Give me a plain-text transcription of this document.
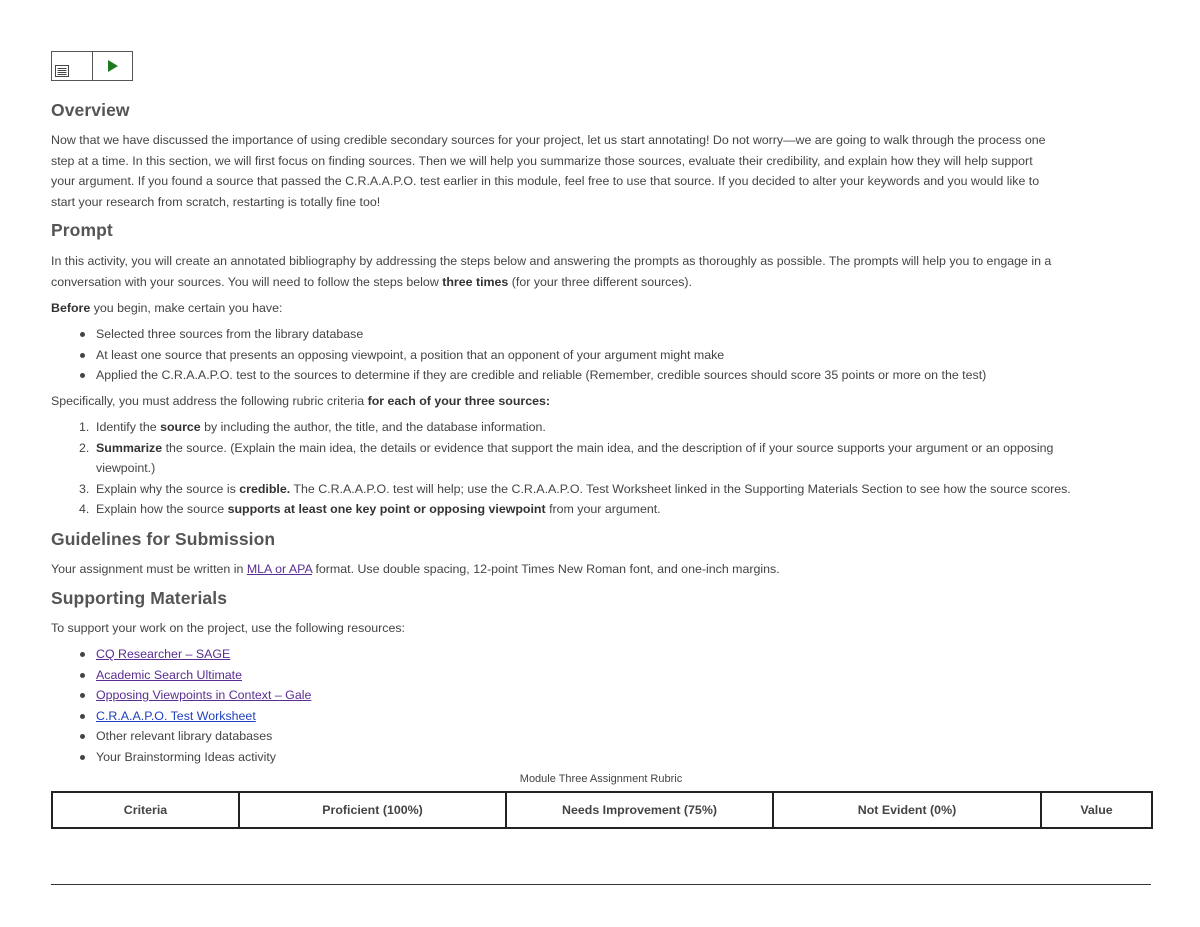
Overview

Now that we have discussed the importance of using credible secondary sources for your project, let us start annotating! Do not worry—we are going to walk through the process one

step at a time. In this section, we will first focus on finding sources. Then we will help you summarize those sources, evaluate their credibility, and explain how they will help support

your argument. If you found a source that passed the C.R.A.A.P.O. test earlier in this module, feel free to use that source. If you decided to alter your keywords and you would like to

start your research from scratch, restarting is totally fine too!

Prompt

In this activity, you will create an annotated bibliography by addressing the steps below and answering the prompts as thoroughly as possible. The prompts will help you to engage in a

conversation with your sources. You will need to follow the steps below three times (for your three different sources).

Before you begin, make certain you have:

Selected three sources from the library database
At least one source that presents an opposing viewpoint, a position that an opponent of your argument might make
Applied the C.R.A.A.P.O. test to the sources to determine if they are credible and reliable (Remember, credible sources should score 35 points or more on the test)

Specifically, you must address the following rubric criteria for each of your three sources:

1. Identify the source by including the author, the title, and the database information.
2. Summarize the source. (Explain the main idea, the details or evidence that support the main idea, and the description of if your source supports your argument or an opposing
viewpoint.)
3. Explain why the source is credible. The C.R.A.A.P.O. test will help; use the C.R.A.A.P.O. Test Worksheet linked in the Supporting Materials Section to see how the source scores.
4. Explain how the source supports at least one key point or opposing viewpoint from your argument.
Guidelines for Submission

Your assignment must be written in MLA or APA format. Use double spacing, 12-point Times New Roman font, and one-inch margins.

Supporting Materials

To support your work on the project, use the following resources:

CQ Researcher – SAGE
Academic Search Ultimate
Opposing Viewpoints in Context – Gale
C.R.A.A.P.O. Test Worksheet
Other relevant library databases
Your Brainstorming Ideas activity
Module Three Assignment Rubric
Criteria	Proficient (100%)	Needs Improvement (75%)	Not Evident (0%)	Value
